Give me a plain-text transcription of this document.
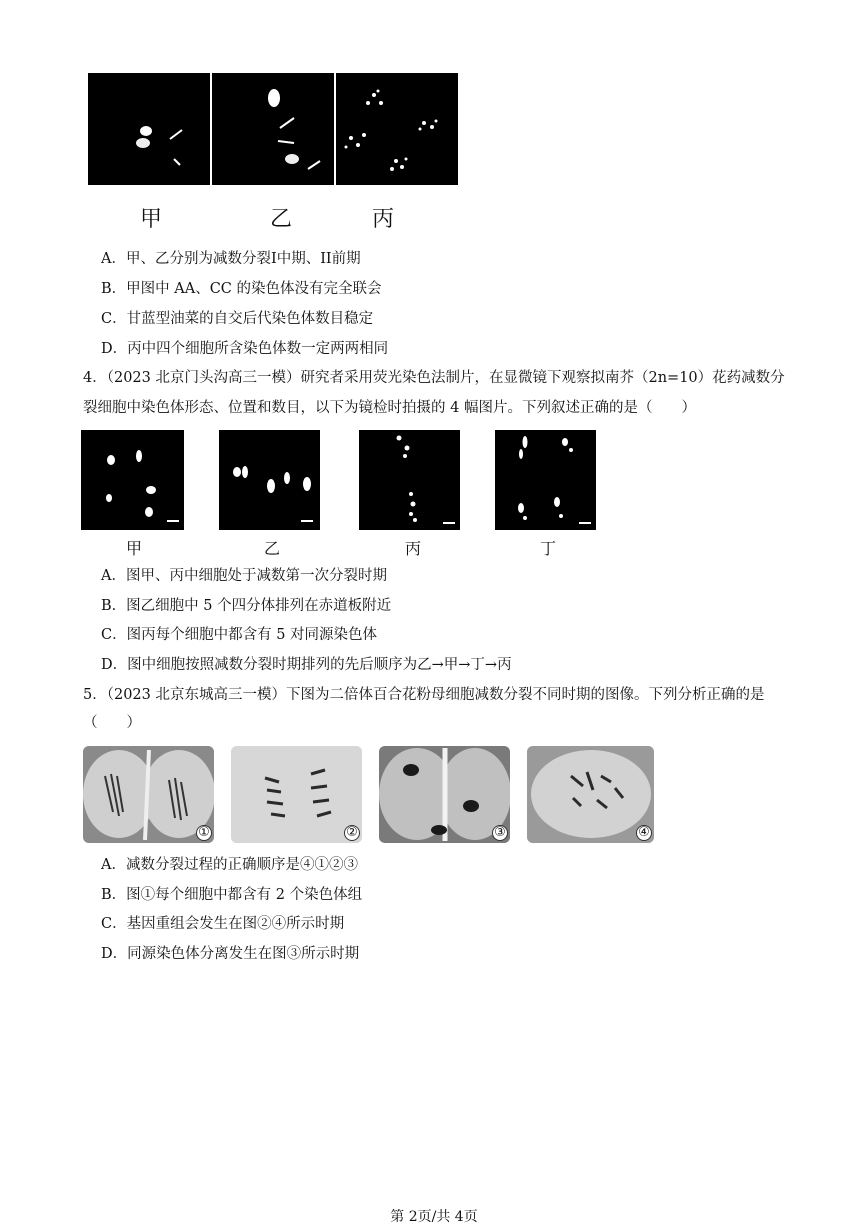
甲	乙	丙
A．甲、乙分别为减数分裂I中期、II前期
B．甲图中 AA、CC 的染色体没有完全联会
C．甘蓝型油菜的自交后代染色体数目稳定
D．丙中四个细胞所含染色体数一定两两相同
4．（2023 北京门头沟高三一模）研究者采用荧光染色法制片，在显微镜下观察拟南芥（2n=10）花药减数分
裂细胞中染色体形态、位置和数目，以下为镜检时拍摄的 4 幅图片。下列叙述正确的是（　　）
甲	乙	丙	丁
A．图甲、丙中细胞处于减数第一次分裂时期
B．图乙细胞中 5 个四分体排列在赤道板附近
C．图丙每个细胞中都含有 5 对同源染色体
D．图中细胞按照减数分裂时期排列的先后顺序为乙→甲→丁→丙
5．（2023 北京东城高三一模）下图为二倍体百合花粉母细胞减数分裂不同时期的图像。下列分析正确的是
（　　）
①	②	③	④
A．减数分裂过程的正确顺序是④①②③
B．图①每个细胞中都含有 2 个染色体组
C．基因重组会发生在图②④所示时期
D．同源染色体分离发生在图③所示时期
第 2页/共 4页
